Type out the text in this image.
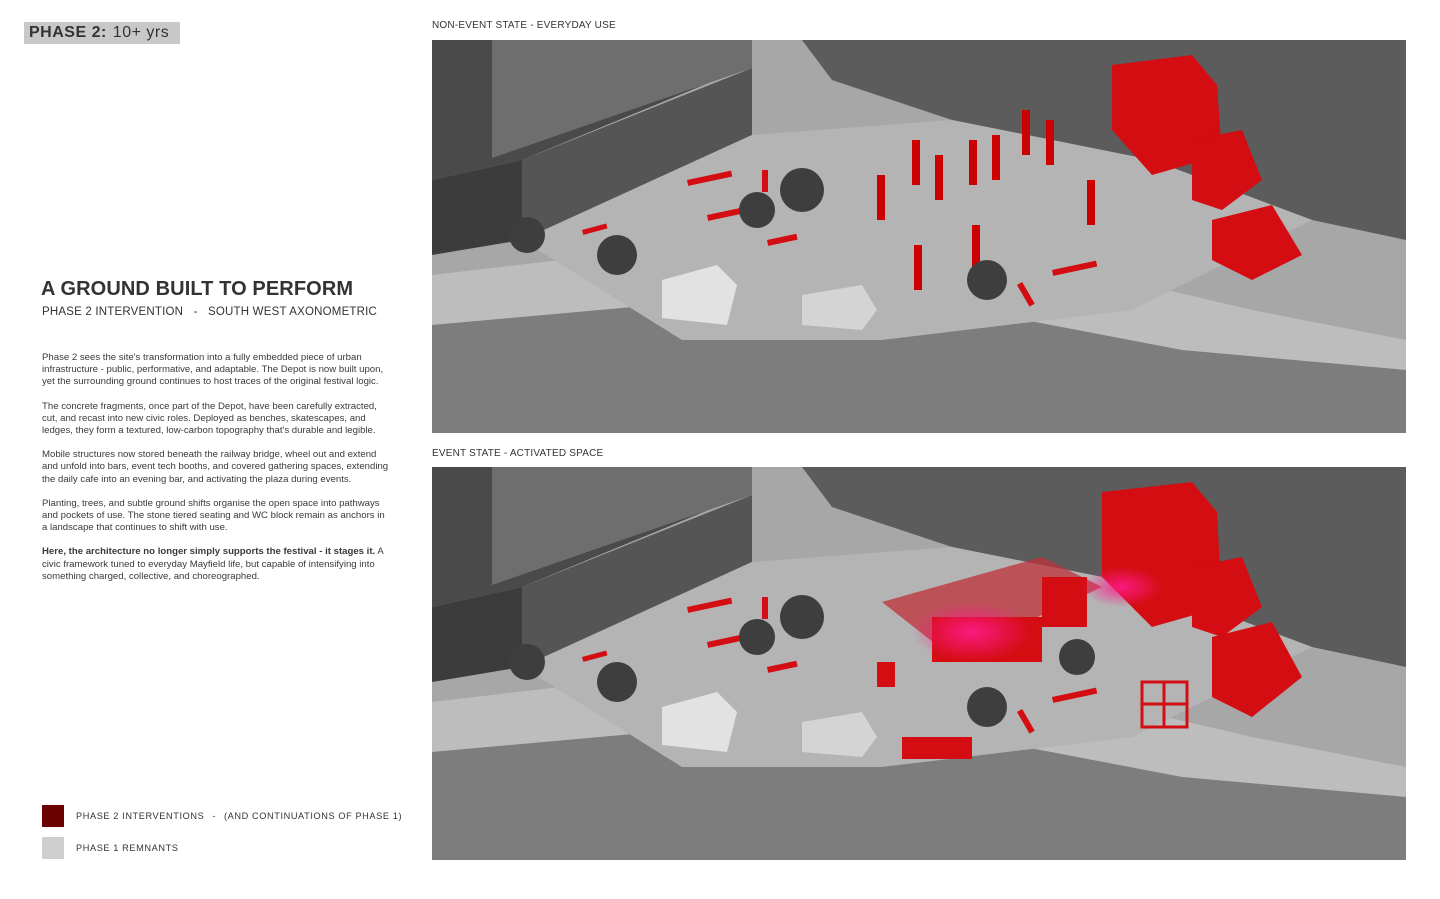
PHASE 2: 10+ yrs
A GROUND BUILT TO PERFORM
PHASE 2 INTERVENTION - SOUTH WEST AXONOMETRIC

Phase 2 sees the site's transformation into a fully embedded piece of urban infrastructure - public, performative, and adaptable. The Depot is now built upon, yet the surrounding ground continues to host traces of the original festival logic.

The concrete fragments, once part of the Depot, have been carefully extracted, cut, and recast into new civic roles. Deployed as benches, skatescapes, and ledges, they form a textured, low-carbon topography that's durable and legible.

Mobile structures now stored beneath the railway bridge, wheel out and extend and unfold into bars, event tech booths, and covered gathering spaces, extending the daily cafe into an evening bar, and activating the plaza during events.

Planting, trees, and subtle ground shifts organise the open space into pathways and pockets of use. The stone tiered seating and WC block remain as anchors in a landscape that continues to shift with use.

Here, the architecture no longer simply supports the festival - it stages it. A civic framework tuned to everyday Mayfield life, but capable of intensifying into something charged, collective, and choreographed.

PHASE 2 INTERVENTIONS - (AND CONTINUATIONS OF PHASE 1)
PHASE 1 REMNANTS
NON-EVENT STATE - EVERYDAY USE
EVENT STATE - ACTIVATED SPACE
